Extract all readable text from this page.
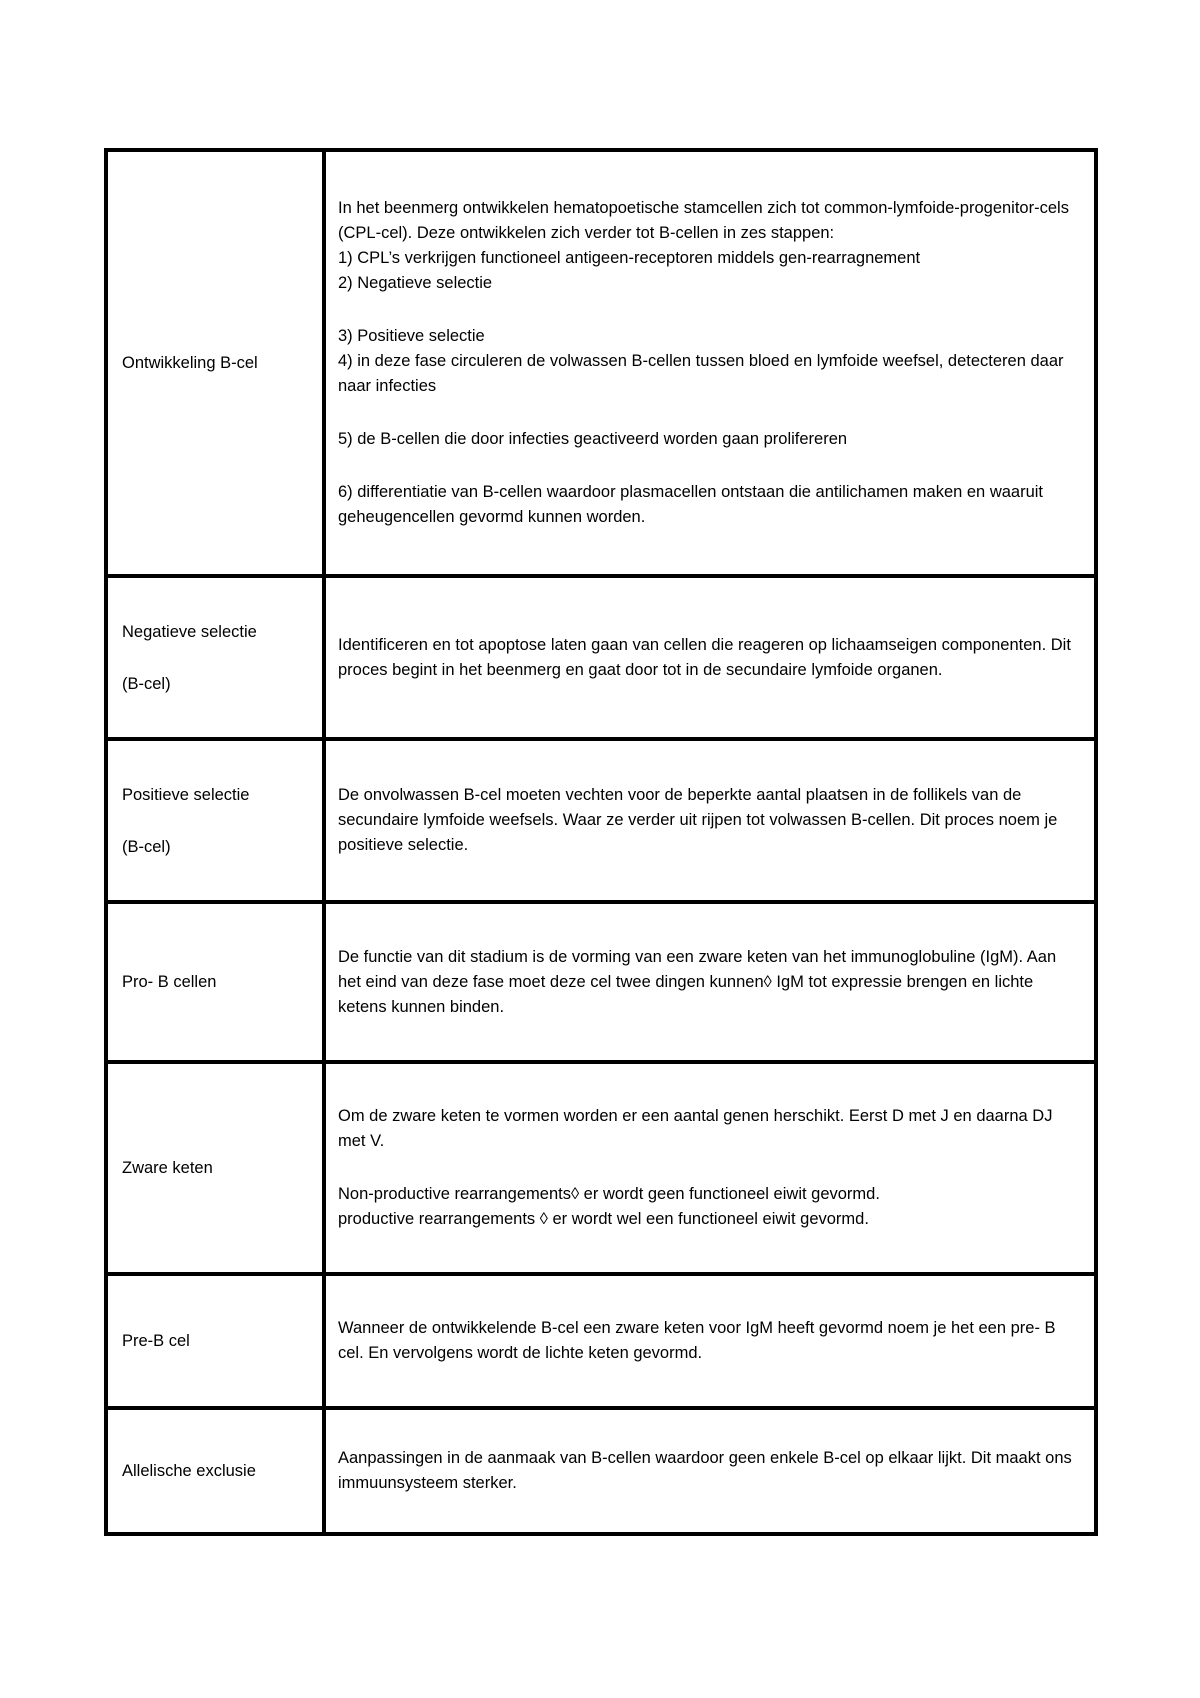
Ontwikkeling B-cel

In het beenmerg ontwikkelen hematopoetische stamcellen zich tot common-lymfoide-progenitor-cels (CPL-cel). Deze ontwikkelen zich verder tot B-cellen in zes stappen:

1) CPL’s verkrijgen functioneel antigeen-receptoren middels gen-rearragnement

2) Negatieve selectie

3) Positieve selectie

4) in deze fase circuleren de volwassen B-cellen tussen bloed en lymfoide weefsel, detecteren daar naar infecties

5) de B-cellen die door infecties geactiveerd worden gaan prolifereren

6) differentiatie van B-cellen waardoor plasmacellen ontstaan die antilichamen maken en waaruit geheugencellen gevormd kunnen worden.

Negatieve selectie
(B-cel)

Identificeren en tot apoptose laten gaan van cellen die reageren op lichaamseigen componenten. Dit proces begint in het beenmerg en gaat door tot in de secundaire lymfoide organen.

Positieve selectie
(B-cel)

De onvolwassen B-cel moeten vechten voor de beperkte aantal plaatsen in de follikels van de secundaire lymfoide weefsels. Waar ze verder uit rijpen tot volwassen B-cellen. Dit proces noem je positieve selectie.

Pro- B cellen

De functie van dit stadium is de vorming van een zware keten van het immunoglobuline (IgM). Aan het eind van deze fase moet deze cel twee dingen kunnen◊ IgM tot expressie brengen en lichte ketens kunnen binden.

Zware keten

Om de zware keten te vormen worden er een aantal genen herschikt. Eerst D met J en daarna DJ met V.

Non-productive rearrangements◊ er wordt geen functioneel eiwit gevormd.

productive rearrangements ◊ er wordt wel een functioneel eiwit gevormd.

Pre-B cel

Wanneer de ontwikkelende B-cel een zware keten voor IgM heeft gevormd noem je het een pre- B cel. En vervolgens wordt de lichte keten gevormd.

Allelische exclusie

Aanpassingen in de aanmaak van B-cellen waardoor geen enkele B-cel op elkaar lijkt. Dit maakt ons immuunsysteem sterker.
